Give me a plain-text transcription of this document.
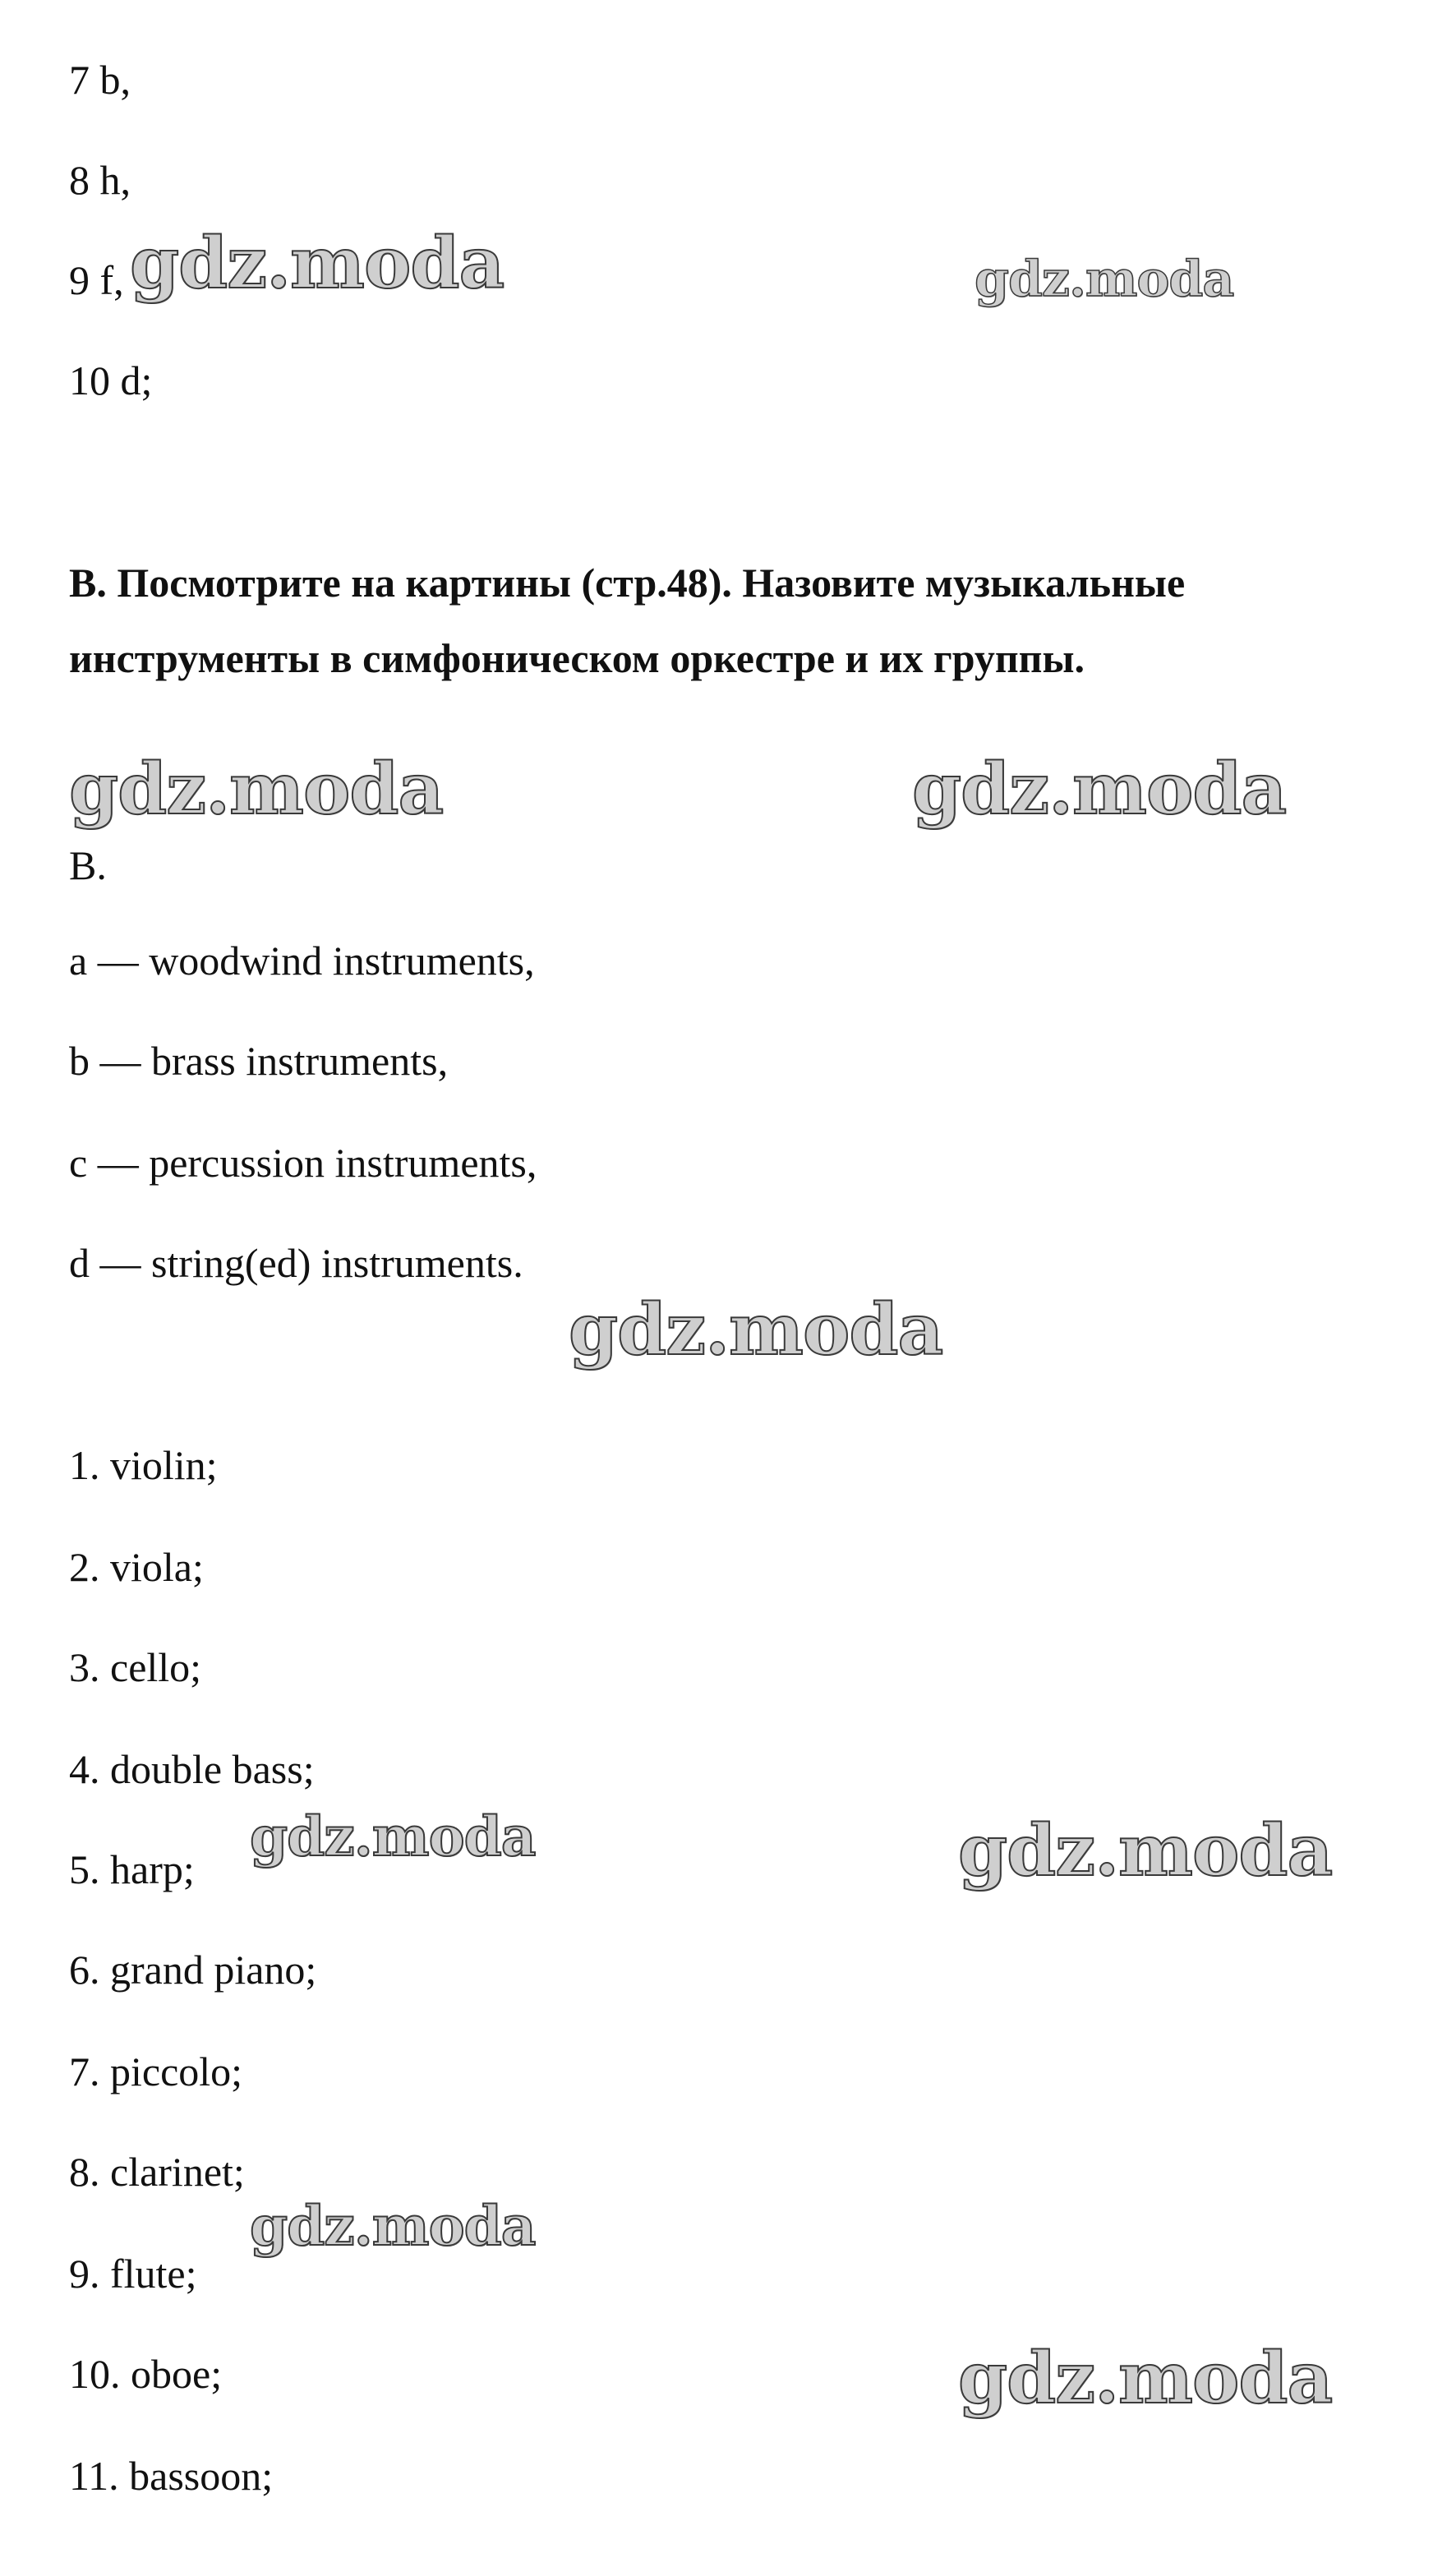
7 b,
8 h,
9 f,
10 d;
B. Посмотрите на картины (стр.48). Назовите музыкальные
инструменты в симфоническом оркестре и их группы.
B.
a — woodwind instruments,
b — brass instruments,
c — percussion instruments,
d — string(ed) instruments.
1. violin;
2. viola;
3. cello;
4. double bass;
5. harp;
6. grand piano;
7. piccolo;
8. clarinet;
9. flute;
10. oboe;
11. bassoon;
gdz.moda	gdz.moda
gdz.moda	gdz.moda
gdz.moda
gdz.moda	gdz.moda
gdz.moda
gdz.moda
